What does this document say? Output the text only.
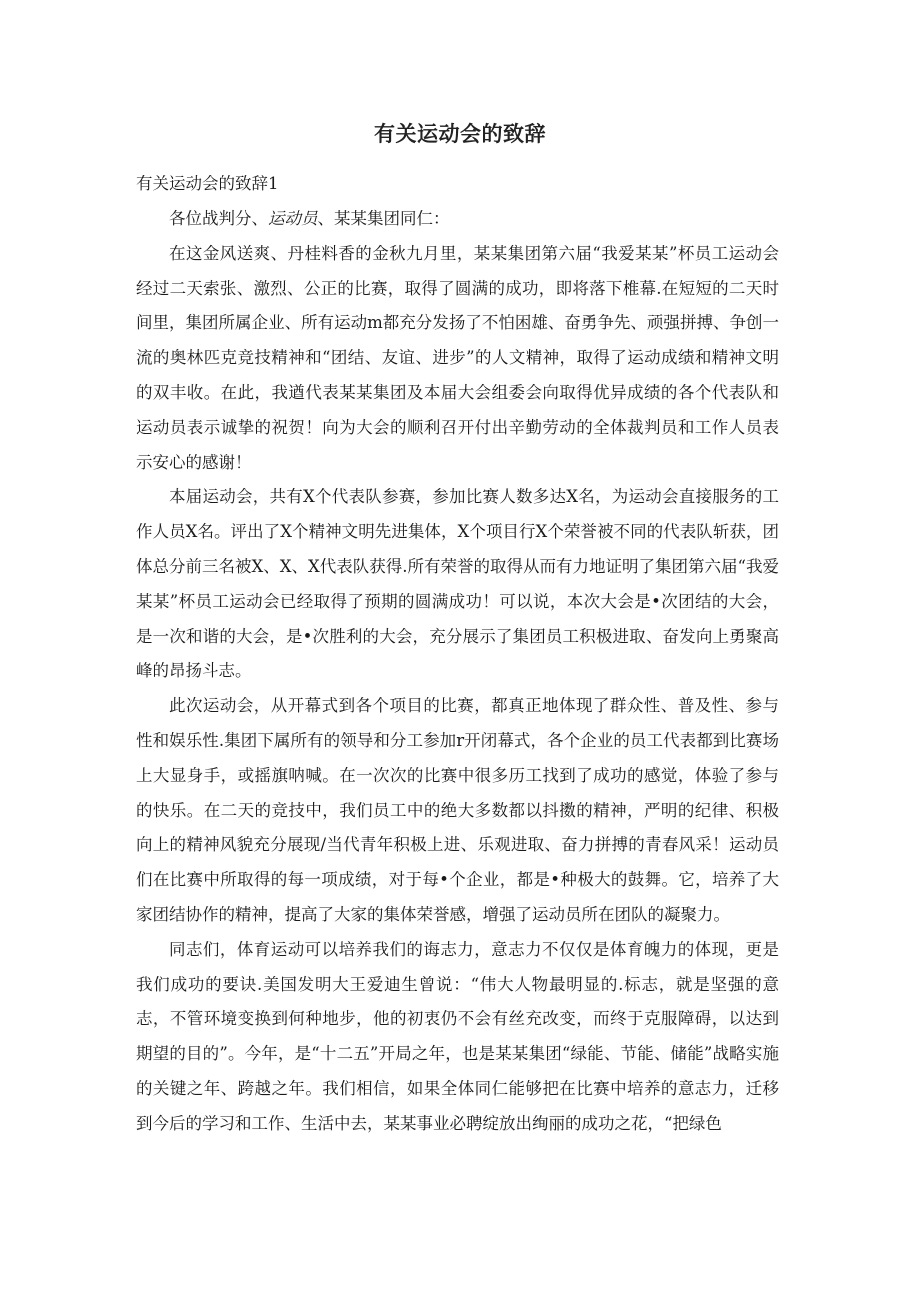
有关运动会的致辞
有关运动会的致辞1

各位战判分、运动员、某某集团同仁：

在这金风送爽、丹桂料香的金秋九月里，某某集团第六届“我爱某某”杯员工运动会经过二天索张、激烈、公正的比赛，取得了圆满的成功，即将落下椎幕.在短短的二天时间里，集团所属企业、所有运动m都充分发扬了不怕困雄、奋勇争先、顽强拼搏、争创一流的奥林匹克竞技精神和“团结、友谊、进步”的人文精神，取得了运动成绩和精神文明的双丰收。在此，我遒代表某某集团及本届大会组委会向取得优异成绩的各个代表队和运动员表示诚挚的祝贺！向为大会的顺利召开付出辛勤劳动的全体裁判员和工作人员表示安心的感谢！

本届运动会，共有X个代表队参赛，参加比赛人数多达X名，为运动会直接服务的工作人员X名。评出了X个精神文明先进集体，X个项目行X个荣誉被不同的代表队斩获，团体总分前三名被X、X、X代表队获得.所有荣誉的取得从而有力地证明了集团第六届“我爱某某”杯员工运动会已经取得了预期的圆满成功！可以说，本次大会是•次团结的大会，是一次和谐的大会，是•次胜利的大会，充分展示了集团员工积极进取、奋发向上勇聚高峰的昂扬斗志。

此次运动会，从开幕式到各个项目的比赛，都真正地体现了群众性、普及性、参与性和娱乐性.集团下属所有的领导和分工参加r开闭幕式，各个企业的员工代表都到比赛场上大显身手，或摇旗呐喊。在一次次的比赛中很多历工找到了成功的感觉，体验了参与的快乐。在二天的竞技中，我们员工中的绝大多数都以抖擞的精神，严明的纪律、积极向上的精神风貌充分展现/当代青年积极上进、乐观进取、奋力拼搏的青春风采！运动员们在比赛中所取得的每一项成绩，对于每•个企业，都是•种极大的鼓舞。它，培养了大家团结协作的精神，提高了大家的集体荣誉感，增强了运动员所在团队的凝聚力。

同志们，体育运动可以培养我们的诲志力，意志力不仅仅是体育魄力的体现，更是我们成功的要诀.美国发明大王爱迪生曾说：“伟大人物最明显的.标志，就是坚强的意志，不管环境变换到何种地步，他的初衷仍不会有丝充改变，而终于克服障碍，以达到期望的目的”。今年，是“十二五”开局之年，也是某某集团“绿能、节能、储能”战略实施的关键之年、跨越之年。我们相信，如果全体同仁能够把在比赛中培养的意志力，迁移到今后的学习和工作、生活中去，某某事业必聘绽放出绚丽的成功之花，“把绿色
